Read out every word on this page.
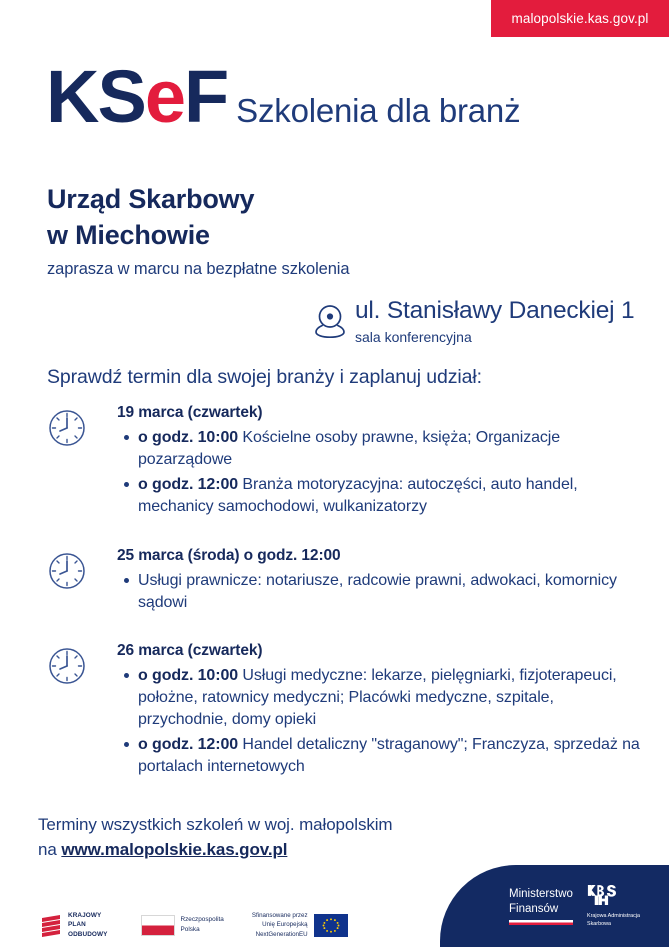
malopolskie.kas.gov.pl
KSeF Szkolenia dla branż
Urząd Skarbowy
w Miechowie
zaprasza w marcu na bezpłatne szkolenia
ul. Stanisławy Daneckiej 1
sala konferencyjna
Sprawdź termin dla swojej branży i zaplanuj udział:
19 marca (czwartek)
o godz. 10:00 Kościelne osoby prawne, księża; Organizacje pozarządowe
o godz. 12:00 Branża motoryzacyjna: autoczęści, auto handel, mechanicy samochodowi, wulkanizatorzy
25 marca (środa) o godz. 12:00
Usługi prawnicze: notariusze, radcowie prawni, adwokaci, komornicy sądowi
26 marca (czwartek)
o godz. 10:00 Usługi medyczne: lekarze, pielęgniarki, fizjoterapeuci, położne, ratownicy medyczni; Placówki medyczne, szpitale, przychodnie, domy opieki
o godz. 12:00 Handel detaliczny "straganowy"; Franczyza, sprzedaż na portalach internetowych
Terminy wszystkich szkoleń w woj. małopolskim
na www.malopolskie.kas.gov.pl
KRAJOWY
PLAN
ODBUDOWY
Rzeczpospolita
Polska
Sfinansowane przez
Unię Europejską
NextGenerationEU
Ministerstwo
Finansów
Krajowa Administracja
Skarbowa
